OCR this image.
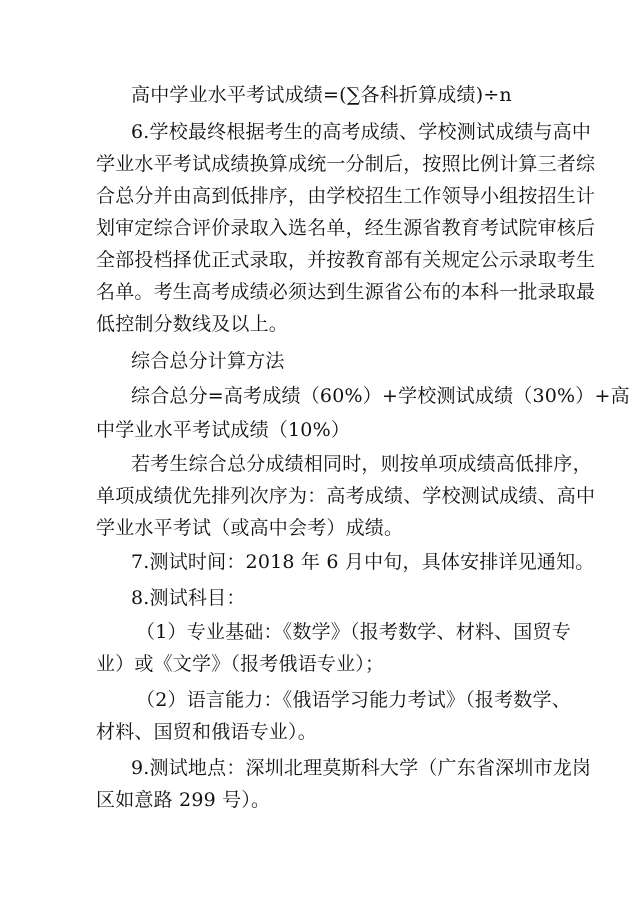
高中学业水平考试成绩=(∑各科折算成绩)÷n
6.学校最终根据考生的高考成绩、学校测试成绩与高中
学业水平考试成绩换算成统一分制后，按照比例计算三者综
合总分并由高到低排序，由学校招生工作领导小组按招生计
划审定综合评价录取入选名单，经生源省教育考试院审核后
全部投档择优正式录取，并按教育部有关规定公示录取考生
名单。考生高考成绩必须达到生源省公布的本科一批录取最
低控制分数线及以上。
综合总分计算方法
综合总分=高考成绩（60%）+学校测试成绩（30%）+高
中学业水平考试成绩（10%）
若考生综合总分成绩相同时，则按单项成绩高低排序，
单项成绩优先排列次序为：高考成绩、学校测试成绩、高中
学业水平考试（或高中会考）成绩。
7.测试时间：2018 年 6 月中旬，具体安排详见通知。
8.测试科目：
（1）专业基础：《数学》（报考数学、材料、国贸专
业）或《文学》（报考俄语专业）；
（2）语言能力：《俄语学习能力考试》（报考数学、
材料、国贸和俄语专业）。
9.测试地点：深圳北理莫斯科大学（广东省深圳市龙岗
区如意路 299 号）。
